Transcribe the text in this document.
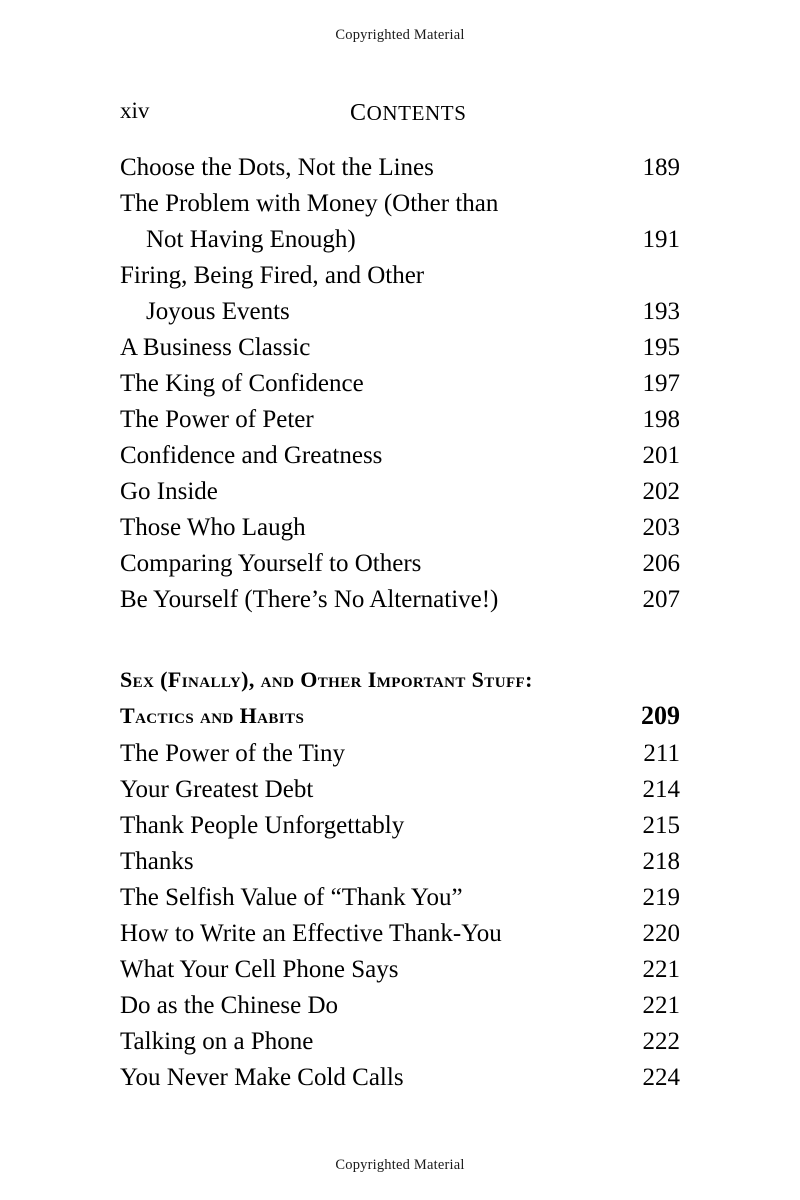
Copyrighted Material
xiv	CONTENTS
Choose the Dots, Not the Lines	189
The Problem with Money (Other than
Not Having Enough)	191
Firing, Being Fired, and Other
Joyous Events	193
A Business Classic	195
The King of Confidence	197
The Power of Peter	198
Confidence and Greatness	201
Go Inside	202
Those Who Laugh	203
Comparing Yourself to Others	206
Be Yourself (There’s No Alternative!)	207
Sex (Finally), and Other Important Stuff:
Tactics and Habits	209
The Power of the Tiny	211
Your Greatest Debt	214
Thank People Unforgettably	215
Thanks	218
The Selfish Value of “Thank You”	219
How to Write an Effective Thank-You	220
What Your Cell Phone Says	221
Do as the Chinese Do	221
Talking on a Phone	222
You Never Make Cold Calls	224
Copyrighted Material
